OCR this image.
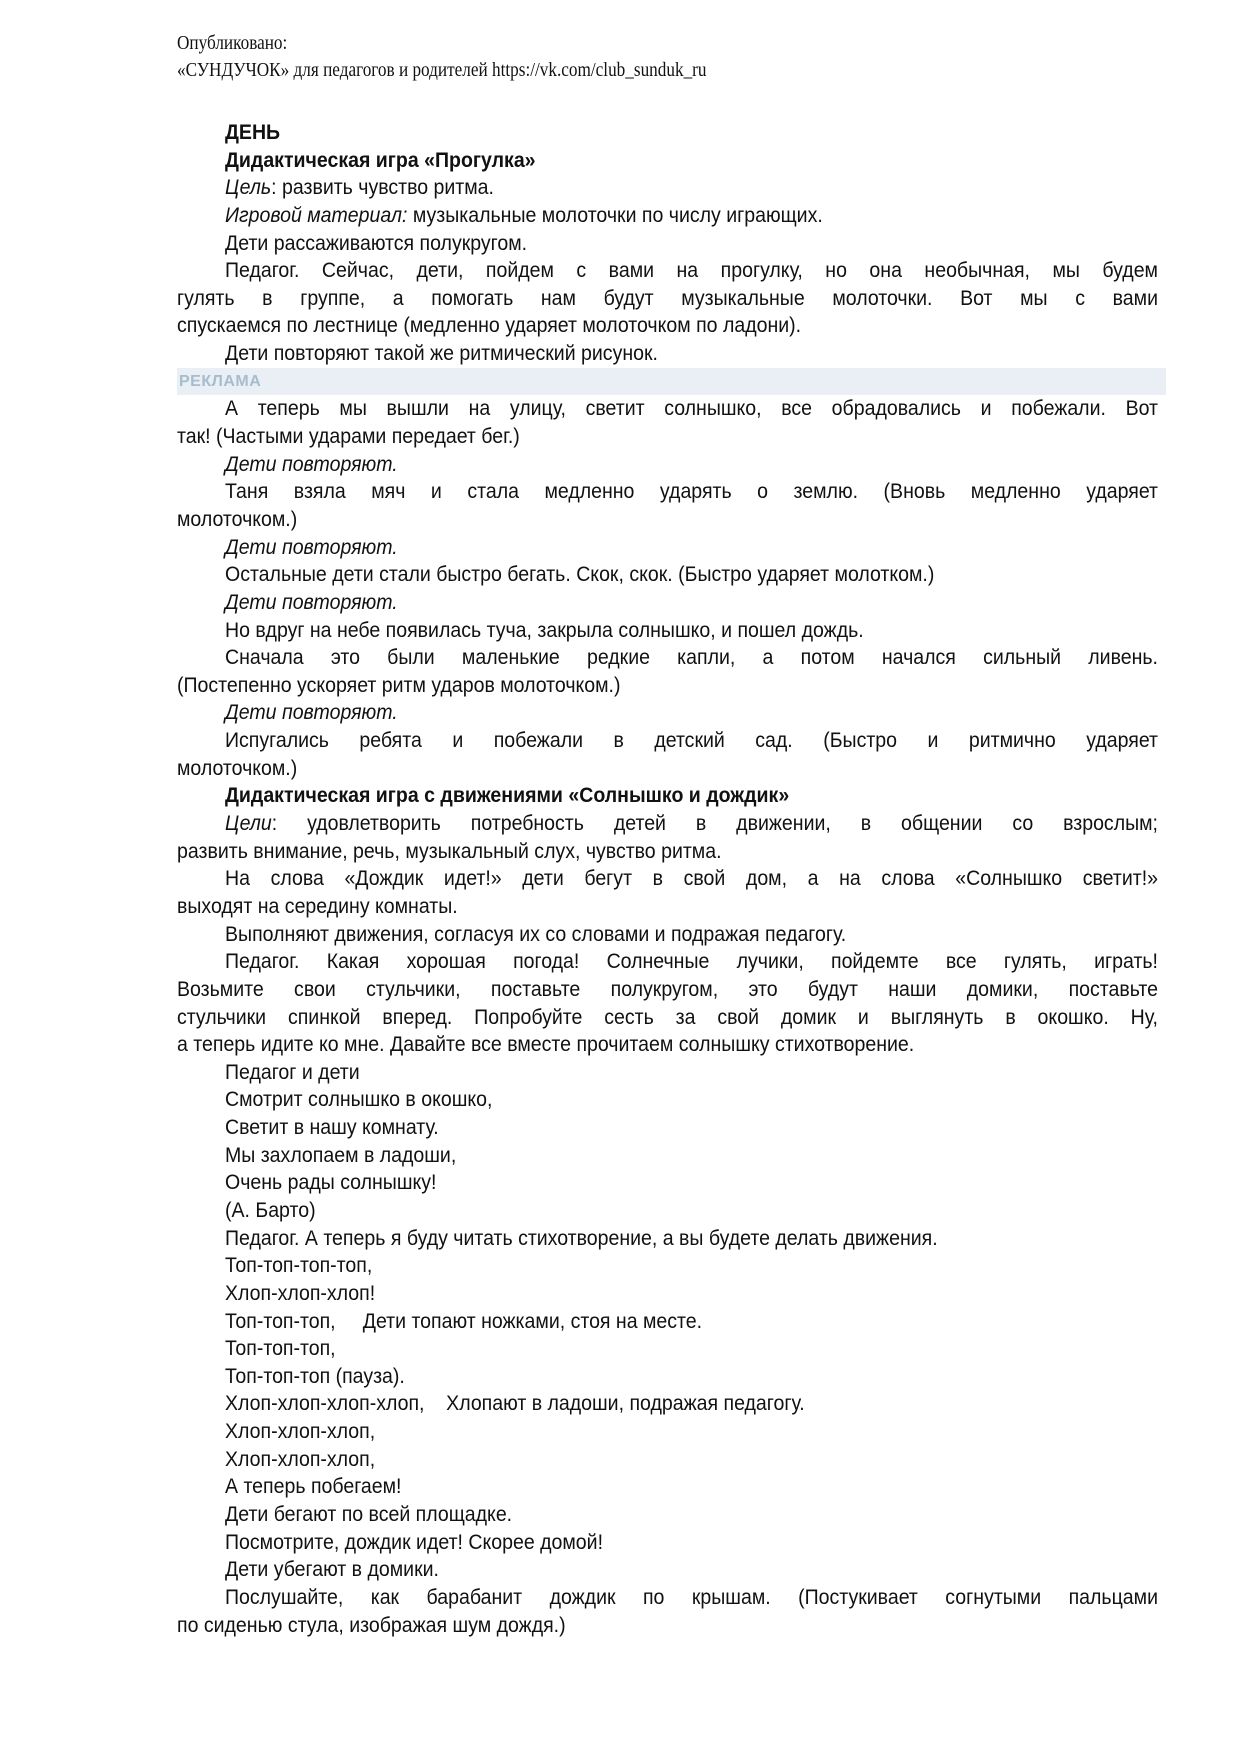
Опубликовано:
«СУНДУЧОК» для педагогов и родителей https://vk.com/club_sunduk_ru
ДЕНЬ
Дидактическая игра «Прогулка»
Цель: развить чувство ритма.
Игровой материал: музыкальные молоточки по числу играющих.
Дети рассаживаются полукругом.
Педагог. Сейчас, дети, пойдем с вами на прогулку, но она необычная, мы будем
гулять в группе, а помогать нам будут музыкальные молоточки. Вот мы с вами
спускаемся по лестнице (медленно ударяет молоточком по ладони).
Дети повторяют такой же ритмический рисунок.
РЕКЛАМА
А теперь мы вышли на улицу, светит солнышко, все обрадовались и побежали. Вот
так! (Частыми ударами передает бег.)
Дети повторяют.
Таня взяла мяч и стала медленно ударять о землю. (Вновь медленно ударяет
молоточком.)
Дети повторяют.
Остальные дети стали быстро бегать. Скок, скок. (Быстро ударяет молотком.)
Дети повторяют.
Но вдруг на небе появилась туча, закрыла солнышко, и пошел дождь.
Сначала это были маленькие редкие капли, а потом начался сильный ливень.
(Постепенно ускоряет ритм ударов молоточком.)
Дети повторяют.
Испугались ребята и побежали в детский сад. (Быстро и ритмично ударяет
молоточком.)
Дидактическая игра с движениями «Солнышко и дождик»
Цели: удовлетворить потребность детей в движении, в общении со взрослым;
развить внимание, речь, музыкальный слух, чувство ритма.
На слова «Дождик идет!» дети бегут в свой дом, а на слова «Солнышко светит!»
выходят на середину комнаты.
Выполняют движения, согласуя их со словами и подражая педагогу.
Педагог. Какая хорошая погода! Солнечные лучики, пойдемте все гулять, играть!
Возьмите свои стульчики, поставьте полукругом, это будут наши домики, поставьте
стульчики спинкой вперед. Попробуйте сесть за свой домик и выглянуть в окошко. Ну,
а теперь идите ко мне. Давайте все вместе прочитаем солнышку стихотворение.
Педагог и дети
Смотрит солнышко в окошко,
Светит в нашу комнату.
Мы захлопаем в ладоши,
Очень рады солнышку!
(А. Барто)
Педагог. А теперь я буду читать стихотворение, а вы будете делать движения.
Топ-топ-топ-топ,
Хлоп-хлоп-хлоп!
Топ-топ-топ,     Дети топают ножками, стоя на месте.
Топ-топ-топ,
Топ-топ-топ (пауза).
Хлоп-хлоп-хлоп-хлоп,    Хлопают в ладоши, подражая педагогу.
Хлоп-хлоп-хлоп,
Хлоп-хлоп-хлоп,
А теперь побегаем!
Дети бегают по всей площадке.
Посмотрите, дождик идет! Скорее домой!
Дети убегают в домики.
Послушайте, как барабанит дождик по крышам. (Постукивает согнутыми пальцами
по сиденью стула, изображая шум дождя.)
